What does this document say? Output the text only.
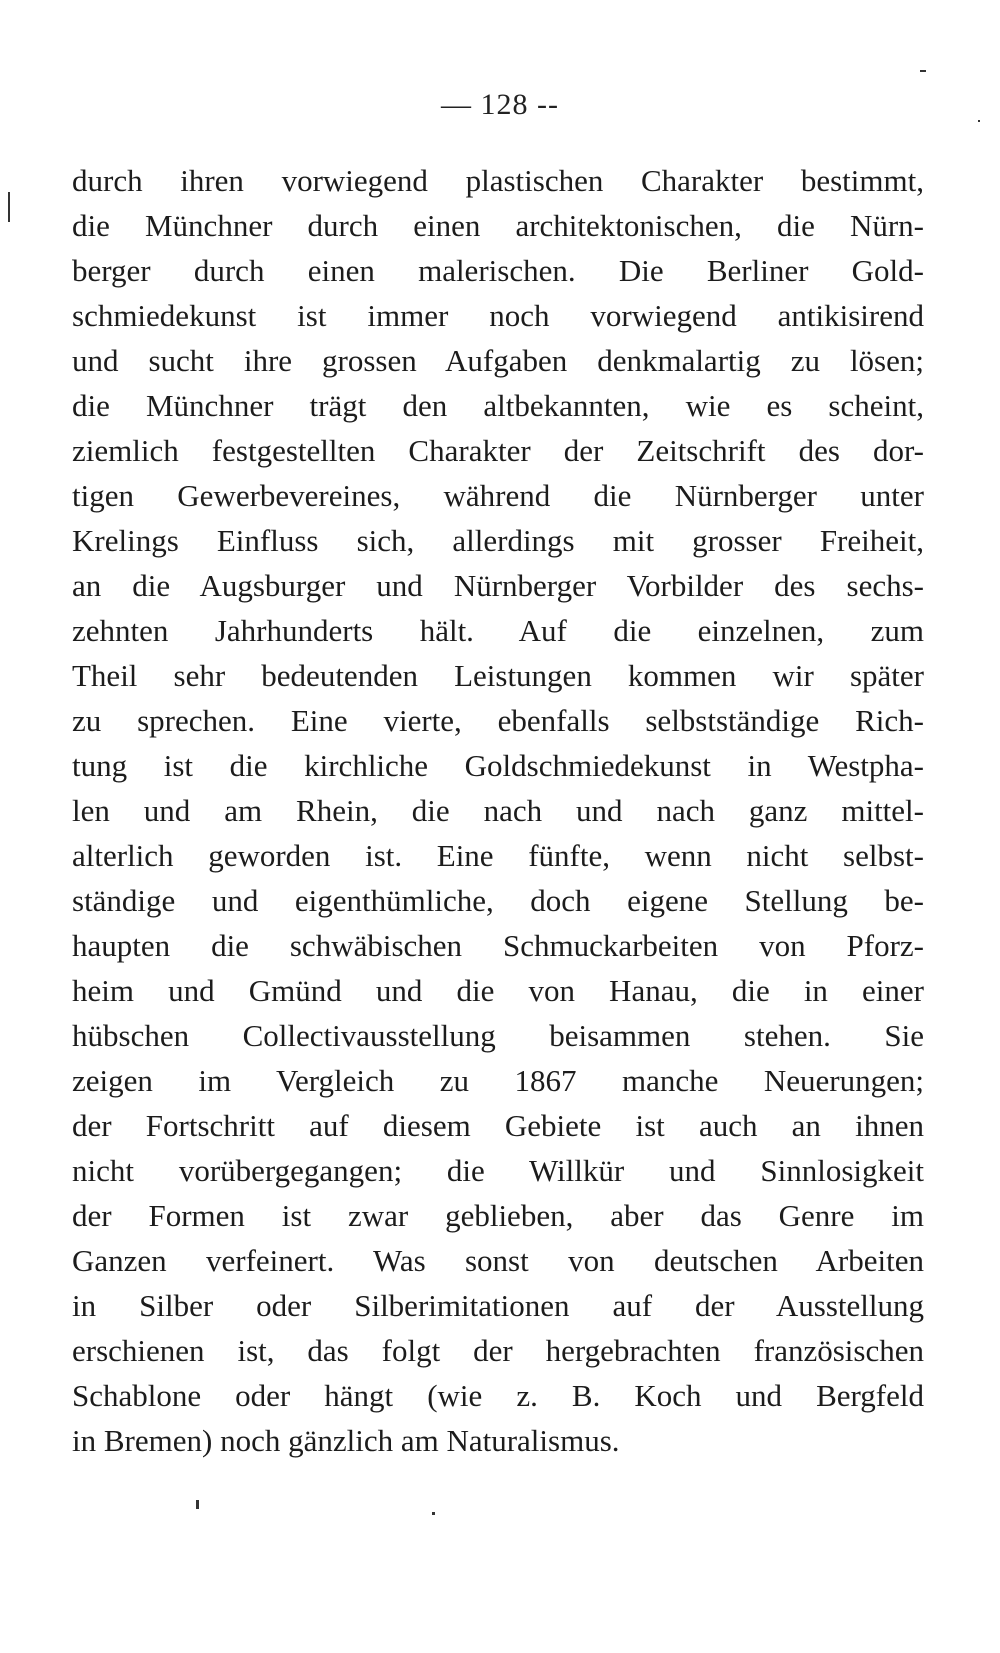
— 128 --
durch ihren vorwiegend plastischen Charakter bestimmt,
die Münchner durch einen architektonischen, die Nürn-
berger durch einen malerischen. Die Berliner Gold-
schmiedekunst ist immer noch vorwiegend antikisirend
und sucht ihre grossen Aufgaben denkmalartig zu lösen;
die Münchner trägt den altbekannten, wie es scheint,
ziemlich festgestellten Charakter der Zeitschrift des dor-
tigen Gewerbevereines, während die Nürnberger unter
Krelings Einfluss sich, allerdings mit grosser Freiheit,
an die Augsburger und Nürnberger Vorbilder des sechs-
zehnten Jahrhunderts hält. Auf die einzelnen, zum
Theil sehr bedeutenden Leistungen kommen wir später
zu sprechen. Eine vierte, ebenfalls selbstständige Rich-
tung ist die kirchliche Goldschmiedekunst in Westpha-
len und am Rhein, die nach und nach ganz mittel-
alterlich geworden ist. Eine fünfte, wenn nicht selbst-
ständige und eigenthümliche, doch eigene Stellung be-
haupten die schwäbischen Schmuckarbeiten von Pforz-
heim und Gmünd und die von Hanau, die in einer
hübschen Collectivausstellung beisammen stehen. Sie
zeigen im Vergleich zu 1867 manche Neuerungen;
der Fortschritt auf diesem Gebiete ist auch an ihnen
nicht vorübergegangen; die Willkür und Sinnlosigkeit
der Formen ist zwar geblieben, aber das Genre im
Ganzen verfeinert. Was sonst von deutschen Arbeiten
in Silber oder Silberimitationen auf der Ausstellung
erschienen ist, das folgt der hergebrachten französischen
Schablone oder hängt (wie z. B. Koch und Bergfeld
in Bremen) noch gänzlich am Naturalismus.
